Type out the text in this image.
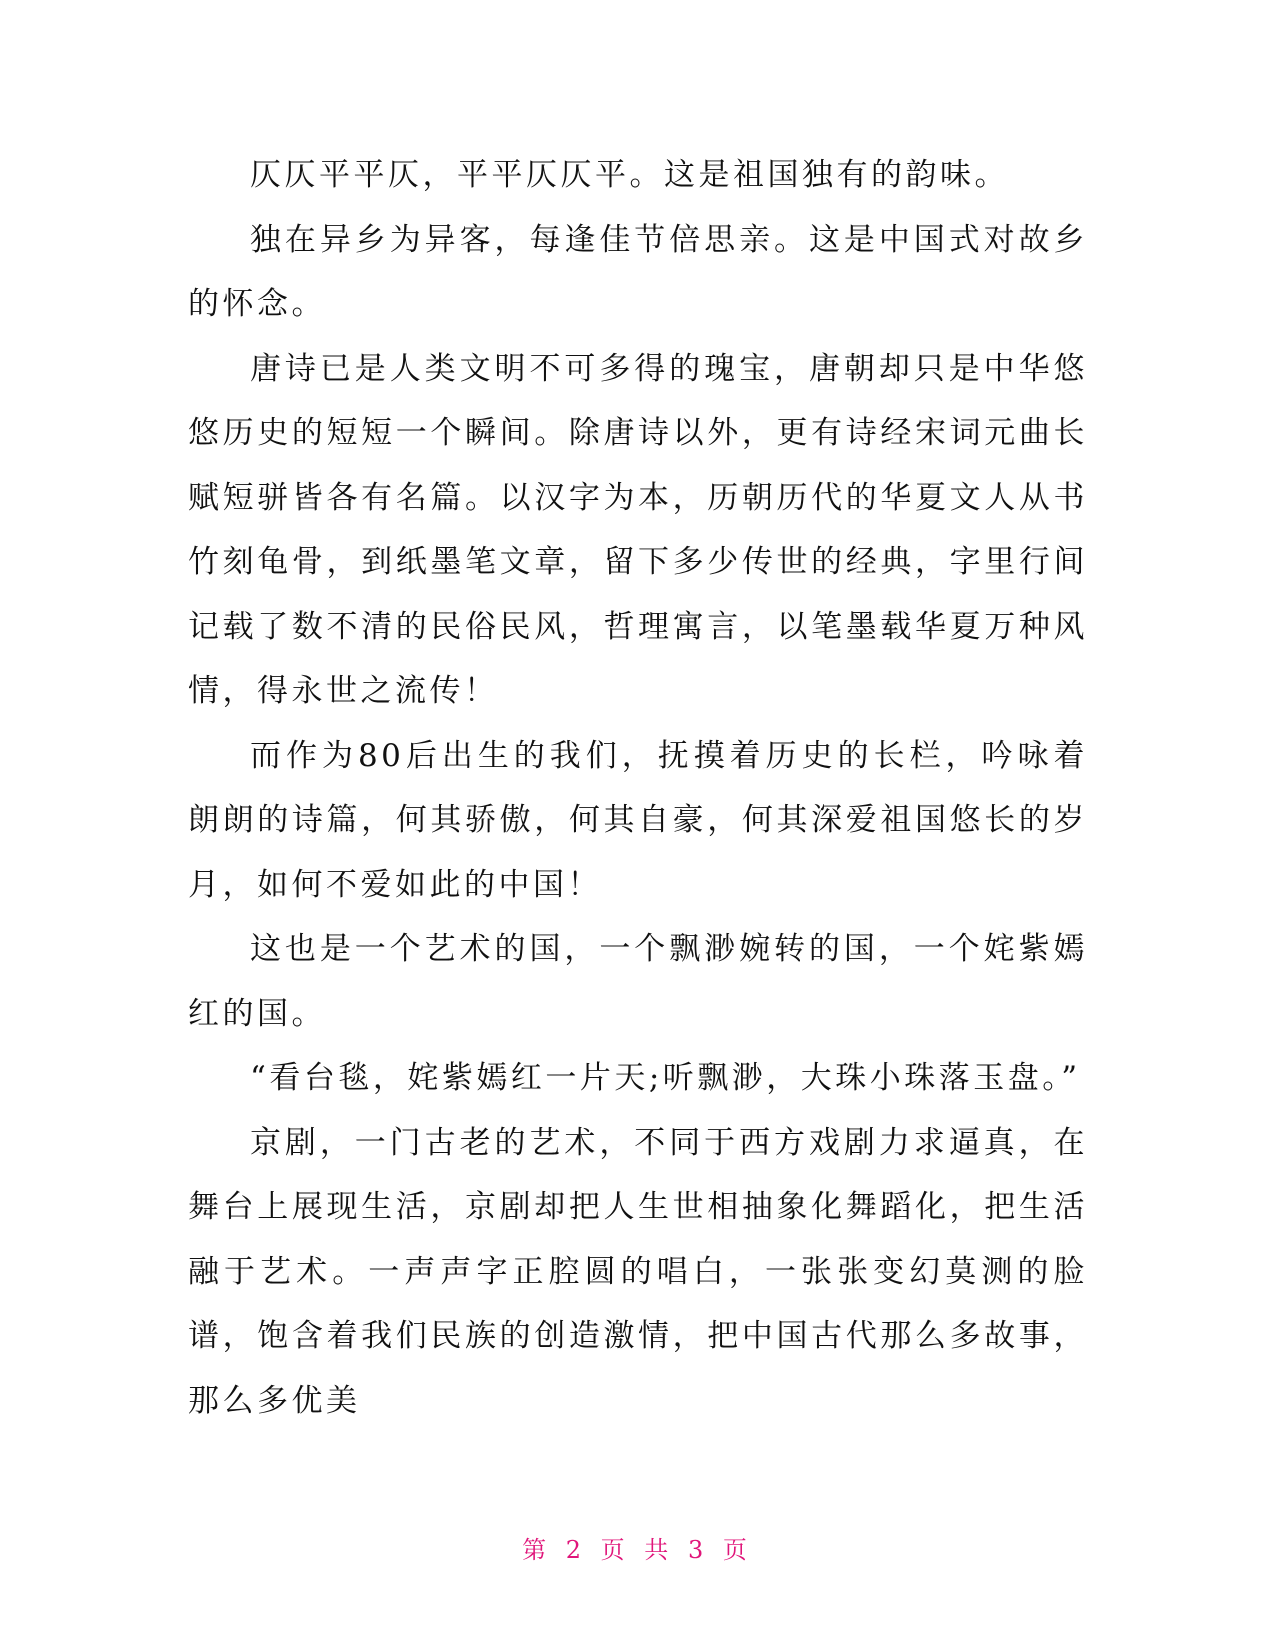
仄仄平平仄，平平仄仄平。这是祖国独有的韵味。

独在异乡为异客，每逢佳节倍思亲。这是中国式对故乡的怀念。

唐诗已是人类文明不可多得的瑰宝，唐朝却只是中华悠悠历史的短短一个瞬间。除唐诗以外，更有诗经宋词元曲长赋短骈皆各有名篇。以汉字为本，历朝历代的华夏文人从书竹刻龟骨，到纸墨笔文章，留下多少传世的经典，字里行间记载了数不清的民俗民风，哲理寓言，以笔墨载华夏万种风情，得永世之流传！

而作为80后出生的我们，抚摸着历史的长栏，吟咏着朗朗的诗篇，何其骄傲，何其自豪，何其深爱祖国悠长的岁月，如何不爱如此的中国！

这也是一个艺术的国，一个飘渺婉转的国，一个姹紫嫣红的国。

“看台毯，姹紫嫣红一片天;听飘渺，大珠小珠落玉盘。”

京剧，一门古老的艺术，不同于西方戏剧力求逼真，在舞台上展现生活，京剧却把人生世相抽象化舞蹈化，把生活融于艺术。一声声字正腔圆的唱白，一张张变幻莫测的脸谱，饱含着我们民族的创造激情，把中国古代那么多故事，那么多优美

第 2 页 共 3 页
